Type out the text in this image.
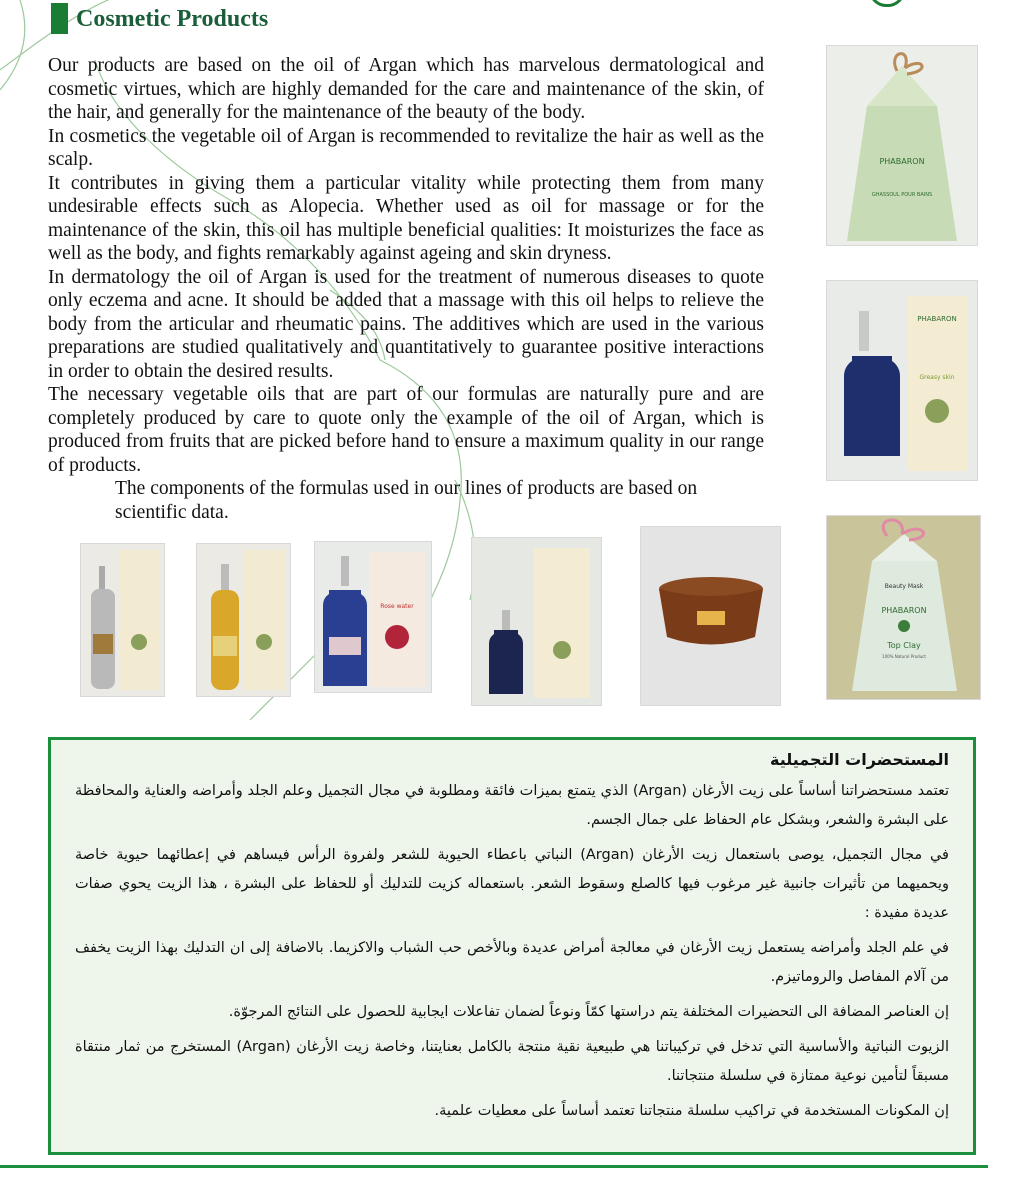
Cosmetic Products

Our products are based on the oil of Argan which has marvelous dermatological and cosmetic virtues, which are highly demanded for the care and maintenance of the skin, of the hair, and generally for the maintenance of the beauty of the body.

In cosmetics the vegetable oil of Argan is recommended to revitalize the hair as well as the scalp.

It contributes in giving them a particular vitality while protecting them from many undesirable effects such as Alopecia. Whether used as oil for massage or for the maintenance of the skin, this oil has multiple beneficial qualities: It moisturizes the face as well as the body, and fights remarkably against ageing and skin dryness.

In dermatology the oil of Argan is used for the treatment of numerous diseases to quote only eczema and acne. It should be added that a massage with this oil helps to relieve the body from the articular and rheumatic pains. The additives which are used in the various preparations are studied qualitatively and quantitatively to guarantee positive interactions in order to obtain the desired results.

The necessary vegetable oils that are part of our formulas are naturally pure and are completely produced by care to quote only the example of the oil of Argan, which is produced from fruits that are picked before hand to ensure a maximum quality in our range of products.

The components of the formulas used in our lines of products are based on scientific data.

PHABARON
GHASSOUL POUR BAINS
PHABARON
Greasy skin
Beauty Mask
PHABARON
Top Clay
100% Natural Product
Rose water
المستحضرات التجميلية

تعتمد مستحضراتنا أساساً على زيت الأرغان (Argan) الذي يتمتع بميزات فائقة ومطلوبة في مجال التجميل وعلم الجلد وأمراضه والعناية والمحافظة على البشرة والشعر، وبشكل عام الحفاظ على جمال الجسم.

في مجال التجميل، يوصى باستعمال زيت الأرغان (Argan) النباتي باعطاء الحيوية للشعر ولفروة الرأس فيساهم في إعطائهما حيوية خاصة ويحميهما من تأثيرات جانبية غير مرغوب فيها كالصلع وسقوط الشعر. باستعماله كزيت للتدليك أو للحفاظ على البشرة ، هذا الزيت يحوي صفات عديدة مفيدة :

في علم الجلد وأمراضه يستعمل زيت الأرغان في معالجة أمراض عديدة وبالأخص حب الشباب والاكزيما. بالاضافة إلى ان التدليك بهذا الزيت يخفف من آلام المفاصل والروماتيزم.

إن العناصر المضافة الى التحضيرات المختلفة يتم دراستها كمّاً ونوعاً لضمان تفاعلات ايجابية للحصول على النتائج المرجوّة.

الزيوت النباتية والأساسية التي تدخل في تركيباتنا هي طبيعية نقية منتجة بالكامل بعنايتنا، وخاصة زيت الأرغان (Argan) المستخرج من ثمار منتقاة مسبقاً لتأمين نوعية ممتازة في سلسلة منتجاتنا.

إن المكونات المستخدمة في تراكيب سلسلة منتجاتنا تعتمد أساساً على معطيات علمية.
